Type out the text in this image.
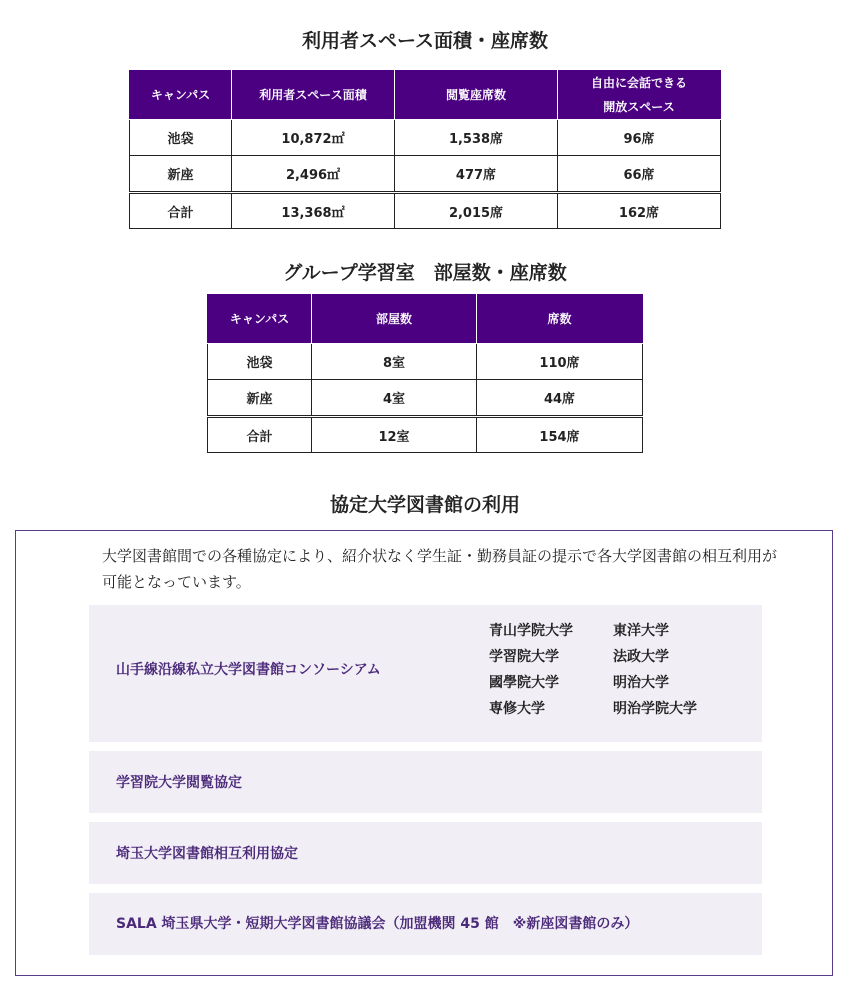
利用者スペース面積・座席数
キャンパス	利用者スペース面積	閲覧座席数	自由に会話できる
開放スペース

池袋	10,872㎡	1,538席	96席
新座	2,496㎡	477席	66席
合計	13,368㎡	2,015席	162席
グループ学習室　部屋数・座席数
キャンパス	部屋数	席数
池袋	8室	110席
新座	4室	44席
合計	12室	154席
協定大学図書館の利用

大学図書館間での各種協定により、紹介状なく学生証・勤務員証の提示で各大学図書館の相互利用が可能となっています。

山手線沿線私立大学図書館コンソーシアム
青山学院大学	東洋大学
学習院大学	法政大学
國學院大学	明治大学
専修大学	明治学院大学
学習院大学閲覧協定
埼玉大学図書館相互利用協定
SALA 埼玉県大学・短期大学図書館協議会（加盟機関 45 館　※新座図書館のみ）
